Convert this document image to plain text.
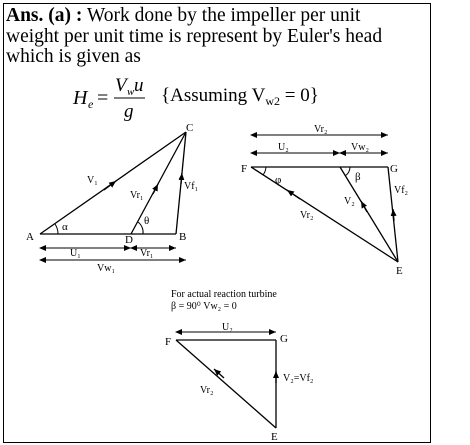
Ans. (a) : Work done by the impeller per unit
weight per unit time is represent by Euler's head
which is given as
H e =
V w u
g
{Assuming $V_{w2} = 0$}
A	B
C
D
V₁
Vr₁
Vf₁
α	θ
U₁	Vr₁
Vw₁
Vr₂
U₂	Vw₂
F	G
E
φ	β
Vr₂
V₂
Vf₂
For actual reaction turbine
β = 90⁰ Vw₂ = 0
U₂
F	G
E
Vr₂
V₂=Vf₂
